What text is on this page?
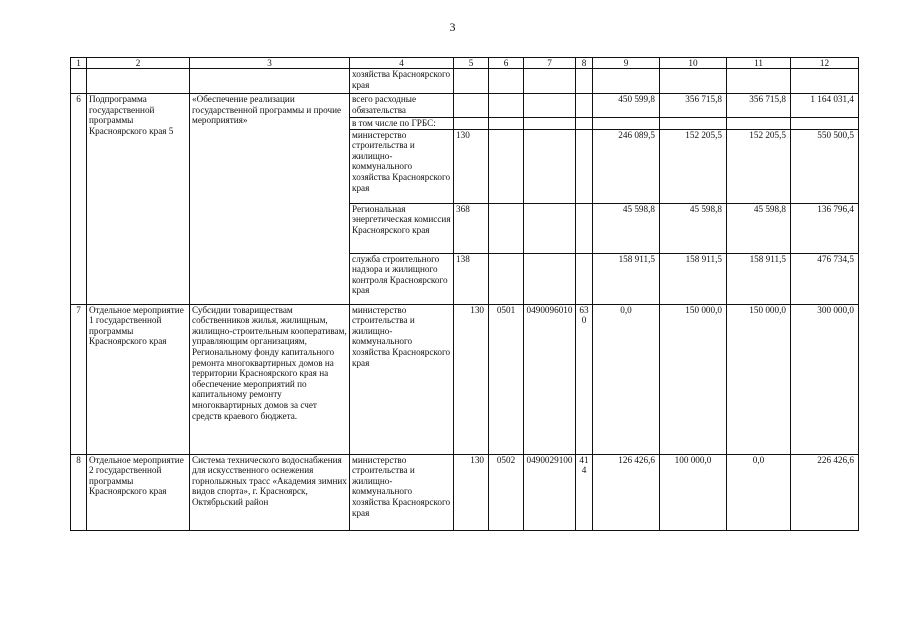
3
1	2	3	4	5	6	7	8	9	10	11	12
			хозяйства Красноярского края								
6	Подпрограмма государственной программы Красноярского края 5	«Обеспечение реализации государственной программы и прочие мероприятия»	всего расходные обязательства					450 599,8	356 715,8	356 715,8	1 164 031,4
			в том числе по ГРБС:								
			министерство строительства и жилищно-коммунального хозяйства Красноярского края	130				246 089,5	152 205,5	152 205,5	550 500,5
			Региональная энергетическая комиссия Красноярского края	368				45 598,8	45 598,8	45 598,8	136 796,4
			служба строительного надзора и жилищного контроля Красноярского края	138				158 911,5	158 911,5	158 911,5	476 734,5
7	Отдельное мероприятие 1 государственной программы Красноярского края	Субсидии товариществам собственников жилья, жилищным, жилищно-строительным кооперативам, управляющим организациям, Региональному фонду капитального ремонта многоквартирных домов на территории Красноярского края на обеспечение мероприятий по капитальному ремонту многоквартирных домов за счет средств краевого бюджета.	министерство строительства и жилищно-коммунального хозяйства Красноярского края	130	0501	0490096010	630	0,0	150 000,0	150 000,0	300 000,0
8	Отдельное мероприятие 2 государственной программы Красноярского края	Система технического водоснабжения для искусственного оснежения горнолыжных трасс «Академия зимних видов спорта», г. Красноярск, Октябрьский район	министерство строительства и жилищно-коммунального хозяйства Красноярского края	130	0502	0490029100	414	126 426,6	100 000,0	0,0	226 426,6
